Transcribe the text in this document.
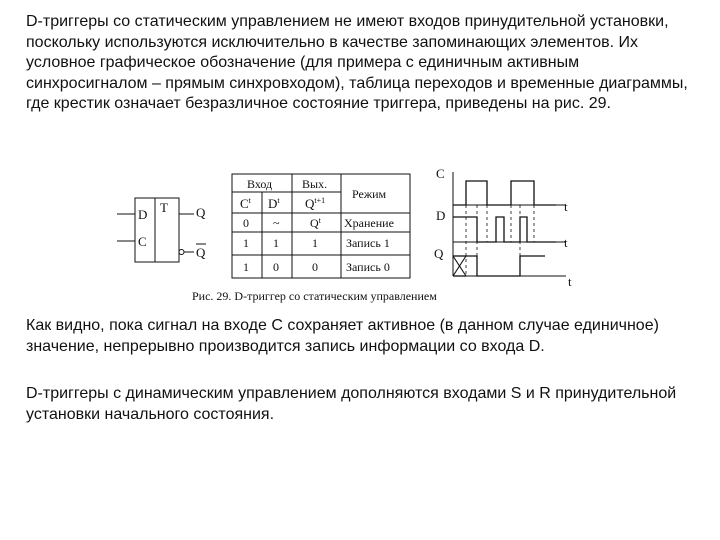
D-триггеры со статическим управлением не имеют входов принудительной установки, поскольку используются исключительно в качестве запоминающих элементов. Их условное графическое обозначение (для примера с единичным активным синхросигналом – прямым синхровходом), таблица переходов и временные диаграммы, где крестик означает безразличное состояние триггера, приведены на рис. 29.

D
C
T Q
Q
Вход Вых.
Режим
$C^t$ $D^t$ $Q^{t+1}$
0 ~	$Q^t$ Хранение
1 1	1 Запись 1
1 0	0 Запись 0
C
D
Q
t
t
t
Рис. 29. D-триггер со статическим управлением

Как видно, пока сигнал на входе С сохраняет активное (в данном случае единичное) значение, непрерывно производится запись информации со входа D.

D-триггеры с динамическим управлением дополняются входами S и R принудительной установки начального состояния.
